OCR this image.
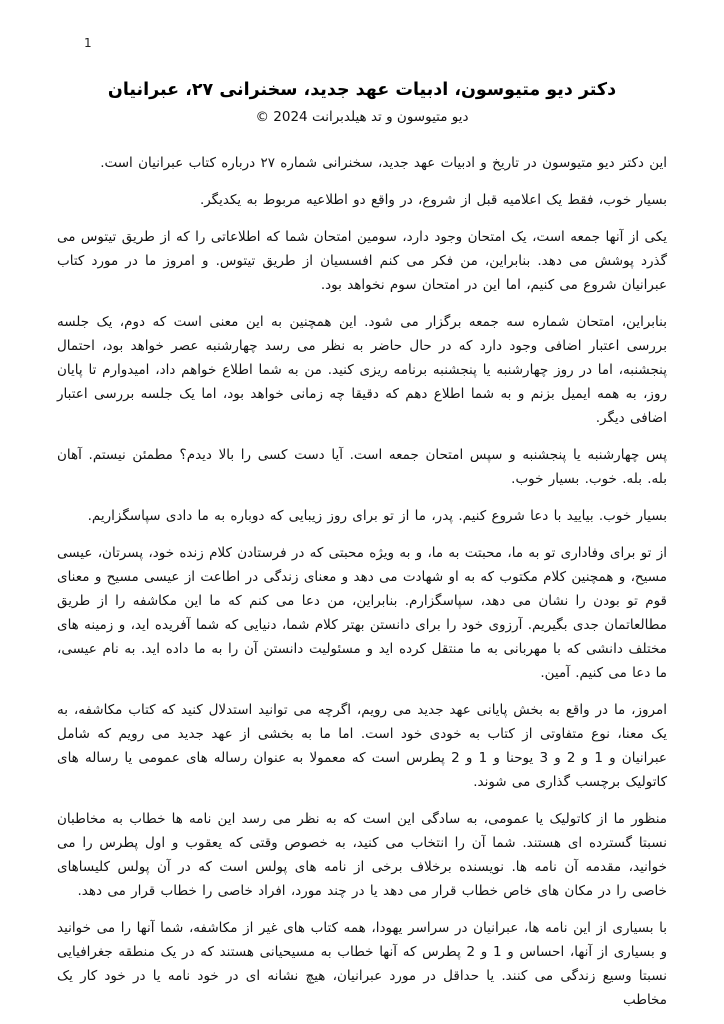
1
دکتر دیو متیوسون، ادبیات عهد جدید، سخنرانی ۲۷، عبرانیان
© 2024 دیو متیوسون و تد هیلدبرانت

این دکتر دیو متیوسون در تاریخ و ادبیات عهد جدید، سخنرانی شماره ۲۷ درباره کتاب عبرانیان است.

بسیار خوب، فقط یک اعلامیه قبل از شروع، در واقع دو اطلاعیه مربوط به یکدیگر.

یکی از آنها جمعه است، یک امتحان وجود دارد، سومین امتحان شما که اطلاعاتی را که از طریق تیتوس می گذرد پوشش می دهد. بنابراین، من فکر می کنم افسسیان از طریق تیتوس. و امروز ما در مورد کتاب عبرانیان شروع می کنیم، اما این در امتحان سوم نخواهد بود.

بنابراین، امتحان شماره سه جمعه برگزار می شود. این همچنین به این معنی است که دوم، یک جلسه بررسی اعتبار اضافی وجود دارد که در حال حاضر به نظر می رسد چهارشنبه عصر خواهد بود، احتمال پنجشنبه، اما در روز چهارشنبه یا پنجشنبه برنامه ریزی کنید. من به شما اطلاع خواهم داد، امیدوارم تا پایان روز، به همه ایمیل بزنم و به شما اطلاع دهم که دقیقا چه زمانی خواهد بود، اما یک جلسه بررسی اعتبار اضافی دیگر.

پس چهارشنبه یا پنجشنبه و سپس امتحان جمعه است. آیا دست کسی را بالا دیدم؟ مطمئن نیستم. آهان بله. بله. خوب. بسیار خوب.

بسیار خوب. بیایید با دعا شروع کنیم. پدر، ما از تو برای روز زیبایی که دوباره به ما دادی سپاسگزاریم.

از تو برای وفاداری تو به ما، محبتت به ما، و به ویژه محبتی که در فرستادن کلام زنده خود، پسرتان، عیسی مسیح، و همچنین کلام مکتوب که به او شهادت می دهد و معنای زندگی در اطاعت از عیسی مسیح و معنای قوم تو بودن را نشان می دهد، سپاسگزارم. بنابراین، من دعا می کنم که ما این مکاشفه را از طریق مطالعاتمان جدی بگیریم. آرزوی خود را برای دانستن بهتر کلام شما، دنیایی که شما آفریده اید، و زمینه های مختلف دانشی که با مهربانی به ما منتقل کرده اید و مسئولیت دانستن آن را به ما داده اید. به نام عیسی، ما دعا می کنیم. آمین.

امروز، ما در واقع به بخش پایانی عهد جدید می رویم، اگرچه می توانید استدلال کنید که کتاب مکاشفه، به یک معنا، نوع متفاوتی از کتاب به خودی خود است. اما ما به بخشی از عهد جدید می رویم که شامل عبرانیان و 1 و 2 و 3 یوحنا و 1 و 2 پطرس است که معمولا به عنوان رساله های عمومی یا رساله های کاتولیک برچسب گذاری می شوند.

منظور ما از کاتولیک یا عمومی، به سادگی این است که به نظر می رسد این نامه ها خطاب به مخاطبان نسبتا گسترده ای هستند. شما آن را انتخاب می کنید، به خصوص وقتی که یعقوب و اول پطرس را می خوانید، مقدمه آن نامه ها. نویسنده برخلاف برخی از نامه های پولس است که در آن پولس کلیساهای خاصی را در مکان های خاص خطاب قرار می دهد یا در چند مورد، افراد خاصی را خطاب قرار می دهد.

با بسیاری از این نامه ها، عبرانیان در سراسر یهودا، همه کتاب های غیر از مکاشفه، شما آنها را می خوانید و بسیاری از آنها، احساس و 1 و 2 پطرس که آنها خطاب به مسیحیانی هستند که در یک منطقه جغرافیایی نسبتا وسیع زندگی می کنند. یا حداقل در مورد عبرانیان، هیچ نشانه ای در خود نامه یا در خود کار یک مخاطب
